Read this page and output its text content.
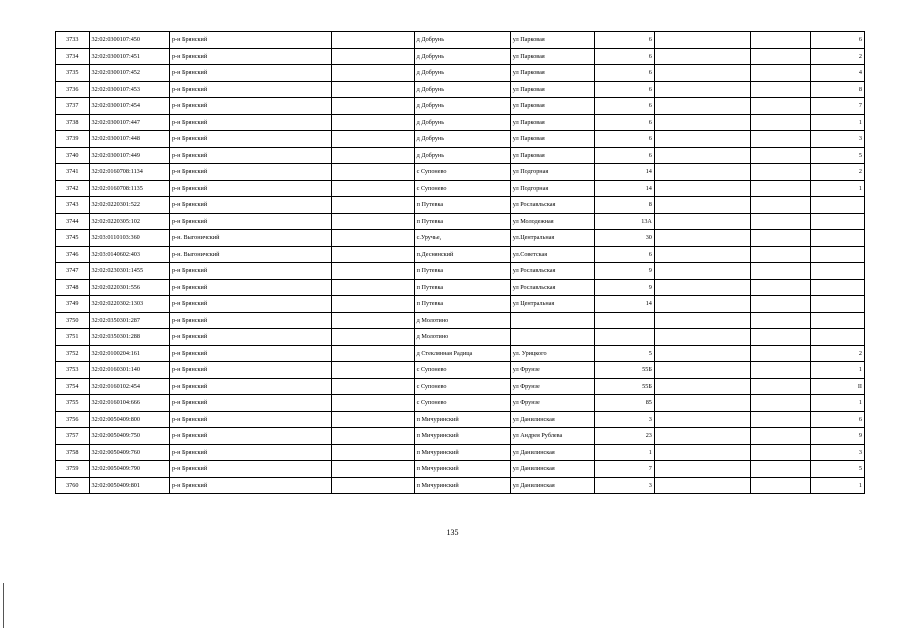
3733	32:02:0300107:450	р-н Брянский		д Добрунь	ул Парковая	6			6
3734	32:02:0300107:451	р-н Брянский		д Добрунь	ул Парковая	6			2
3735	32:02:0300107:452	р-н Брянский		д Добрунь	ул Парковая	6			4
3736	32:02:0300107:453	р-н Брянский		д Добрунь	ул Парковая	6			8
3737	32:02:0300107:454	р-н Брянский		д Добрунь	ул Парковая	6			7
3738	32:02:0300107:447	р-н Брянский		д Добрунь	ул Парковая	6			1
3739	32:02:0300107:448	р-н Брянский		д Добрунь	ул Парковая	6			3
3740	32:02:0300107:449	р-н Брянский		д Добрунь	ул Парковая	6			5
3741	32:02:0160708:1134	р-н Брянский		с Супонево	ул Подгорная	14			2
3742	32:02:0160708:1135	р-н Брянский		с Супонево	ул Подгорная	14			1
3743	32:02:0220301:522	р-н Брянский		п Путевка	ул Рославльская	8			
3744	32:02:0220305:102	р-н Брянский		п Путевка	ул Молодежная	13А			
3745	32:03:0110103:360	р-н. Выгоничский		с.Уручье,	ул.Центральная	30			
3746	32:03:0140602:403	р-н. Выгоничский		п.Деснянский	ул.Советская	6			
3747	32:02:0230301:1455	р-н Брянский		п Путевка	ул Рославльская	9			
3748	32:02:0220301:556	р-н Брянский		п Путевка	ул Рославльская	9			
3749	32:02:0220302:1303	р-н Брянский		п Путевка	ул Центральная	14			
3750	32:02:0350301:287	р-н Брянский		д Молотино					
3751	32:02:0350301:288	р-н Брянский		д Молотино					
3752	32:02:0100204:161	р-н Брянский		д Стеклянная Радица	ул. Урицкого	5			2
3753	32:02:0160301:140	р-н Брянский		с Супонево	ул Фрунзе	55Б			1
3754	32:02:0160102:454	р-н Брянский		с Супонево	ул Фрунзе	55Б			II
3755	32:02:0160104:666	р-н Брянский		с Супонево	ул Фрунзе	85			1
3756	32:02:0050409:800	р-н Брянский		п Мичуринский	ул Данилинская	3			6
3757	32:02:0050409:750	р-н Брянский		п Мичуринский	ул Андрея Рублева	23			9
3758	32:02:0050409:760	р-н Брянский		п Мичуринский	ул Данилинская	1			3
3759	32:02:0050409:790	р-н Брянский		п Мичуринский	ул Данилинская	7			5
3760	32:02:0050409:801	р-н Брянский		п Мичуринский	ул Данилинская	3			1
135
